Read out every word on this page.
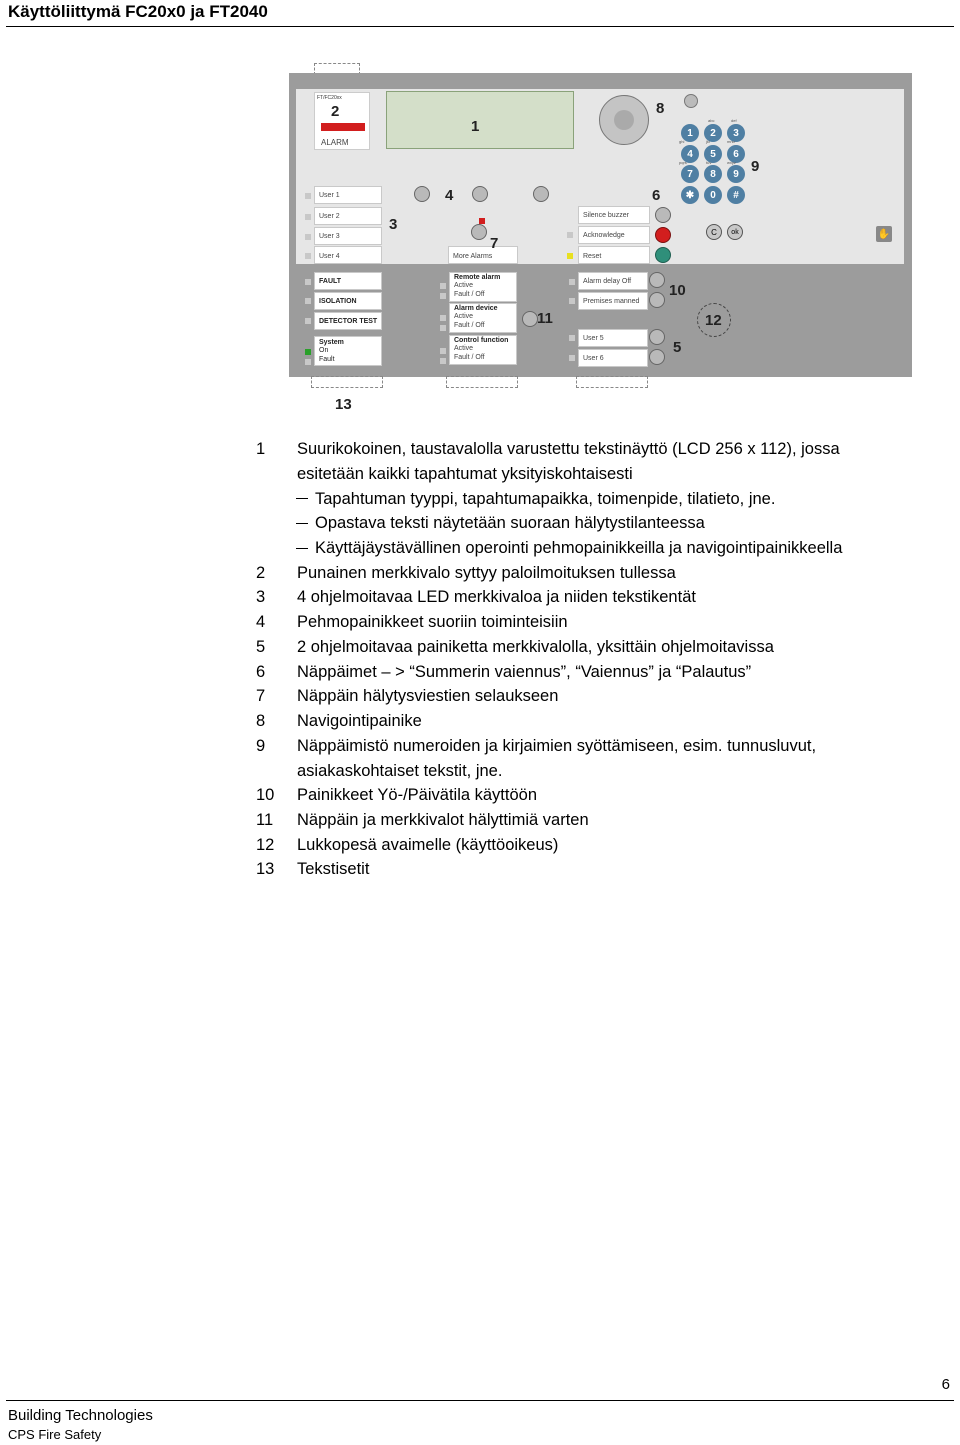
Käyttöliittymä FC20x0 ja FT2040
FT/FC20xx
ALARM
User 1
User 2
User 3
User 4	More Alarms
Silence buzzer
Acknowledge
Reset
1	2	3
4	5	6
7	8	9
✱	0	#
abc	def
ghi	jkl	mno
pqrs	tuv	wxyz
C	ok	✋
FAULT
ISOLATION
DETECTOR TEST
System
On
Fault
Remote alarm
Active
Fault / Off
Alarm device
Active
Fault / Off
Control function
Active
Fault / Off
Alarm delay Off
Premises manned
User 5
User 6
1
2
3
4
5
6
7
8
9
10
11	12
13
1 Suurikokoinen, taustavalolla varustettu tekstinäyttö (LCD 256 x 112), jossa
esitetään kaikki tapahtumat yksityiskohtaisesti
Tapahtuman tyyppi, tapahtumapaikka, toimenpide, tilatieto, jne.
Opastava teksti näytetään suoraan hälytystilanteessa
Käyttäjäystävällinen operointi pehmopainikkeilla ja navigointipainikkeella
2 Punainen merkkivalo syttyy paloilmoituksen tullessa
3 4 ohjelmoitavaa LED merkkivaloa ja niiden tekstikentät
4 Pehmopainikkeet suoriin toiminteisiin
5 2 ohjelmoitavaa painiketta merkkivalolla, yksittäin ohjelmoitavissa
6 Näppäimet – > “Summerin vaiennus”, “Vaiennus” ja “Palautus”
7 Näppäin hälytysviestien selaukseen
8 Navigointipainike
9 Näppäimistö numeroiden ja kirjaimien syöttämiseen, esim. tunnusluvut,
asiakaskohtaiset tekstit, jne.
10 Painikkeet Yö-/Päivätila käyttöön
11 Näppäin ja merkkivalot hälyttimiä varten
12 Lukkopesä avaimelle (käyttöoikeus)
13 Tekstisetit
6
Building Technologies
CPS Fire Safety
